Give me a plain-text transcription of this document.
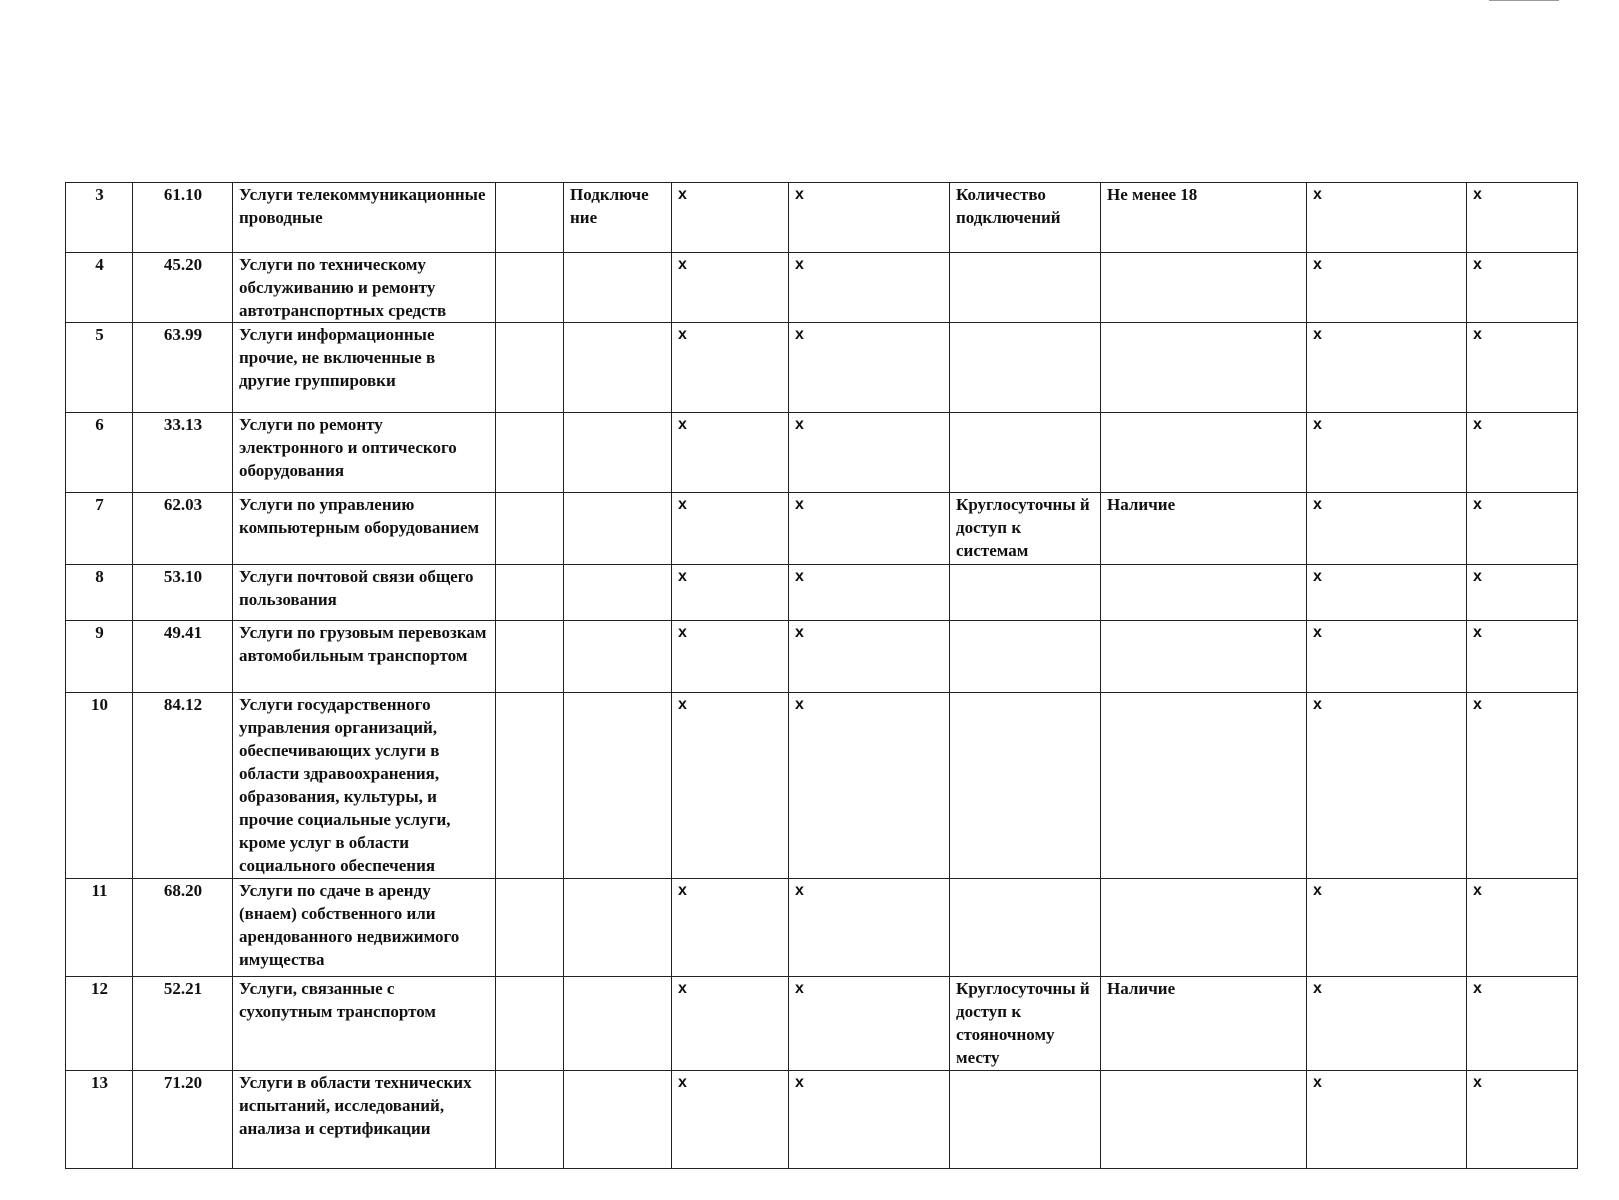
3	61.10	Услуги телекоммуникационные проводные		Подключе ние	x	x	Количество подключений	Не менее 18	x	x
4	45.20	Услуги по техническому обслуживанию и ремонту автотранспортных средств			x	x			x	x
5	63.99	Услуги информационные прочие, не включенные в другие группировки			x	x			x	x
6	33.13	Услуги по ремонту электронного и оптического оборудования			x	x			x	x
7	62.03	Услуги по управлению компьютерным оборудованием			x	x	Круглосуточны й доступ к системам	Наличие	x	x
8	53.10	Услуги почтовой связи общего пользования			x	x			x	x
9	49.41	Услуги по грузовым перевозкам автомобильным транспортом			x	x			x	x
10	84.12	Услуги государственного управления организаций, обеспечивающих услуги в области здравоохранения, образования, культуры, и прочие социальные услуги, кроме услуг в области социального обеспечения			x	x			x	x
11	68.20	Услуги по сдаче в аренду (внаем) собственного или арендованного недвижимого имущества			x	x			x	x
12	52.21	Услуги, связанные с сухопутным транспортом			x	x	Круглосуточны й доступ к стояночному месту	Наличие	x	x
13	71.20	Услуги в области технических испытаний, исследований, анализа и сертификации			x	x			x	x
